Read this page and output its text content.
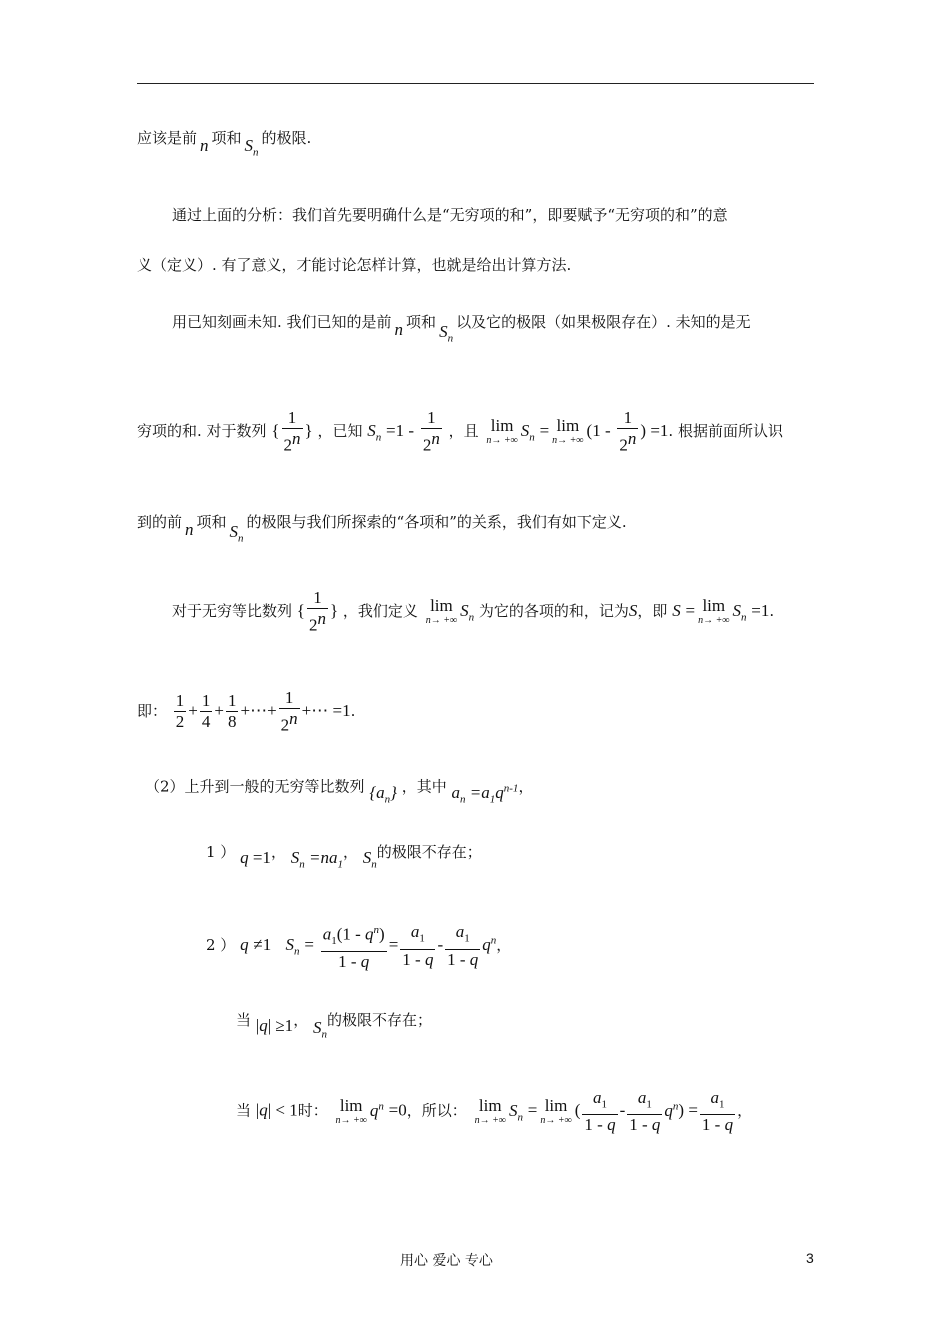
应该是前 n 项和 $S_n$的极限.
通过上面的分析：我们首先要明确什么是“无穷项的和”，即要赋予“无穷项的和”的意
义（定义）. 有了意义，才能讨论怎样计算，也就是给出计算方法.
用已知刻画未知. 我们已知的是前 n 项和 $S_n$以及它的极限（如果极限存在）. 未知的是无
穷项的和. 对于数列 { $\frac{1}{2^n}$ } ，已知 $S_n =1 - \frac{1}{2^n}$ ，且 lim
n→ +∞
$S_n = \lim$
n→ +∞
($1 - \frac{1}{2^n}$ ) =1. 根据前面所认识
到的前 n 项和 $S_n$的极限与我们所探索的“各项和”的关系，我们有如下定义.
对于无穷等比数列 { $\frac{1}{2^n}$ } ，我们定义 lim
n→ +∞
$S_n$ 为它的各项的和，记为S，即 S = lim
n→ +∞
$S_n =1$.
即： $\frac{1}{2} + \frac{1}{4} + \frac{1}{8}$ +⋯+ $\frac{1}{2^n}$ +⋯ =1.
（2）上升到一般的无穷等比数列 $\{a_n\}$ ，其中 $a_n =a_1q^{n-1}$，
1 ） q =1， $S_n =na_1$， $S_n$的极限不存在；
2 ） q ≠1 $S_n = \frac{a_1(1 - q^n)}{1 - q} = \frac{a_1}{1 - q} - \frac{a_1}{1 - q} q^n$，
当 |q| ≥1， $S_n$的极限不存在；
当 |q| < 1时： lim
n→ +∞
$q^n =0$，所以： lim
n→ +∞
$S_n = \lim$
n→ +∞
( $\frac{a_1}{1 - q} - \frac{a_1}{1 - q} q^n) = \frac{a_1}{1 - q}$ ，
用心 爱心 专心	3
